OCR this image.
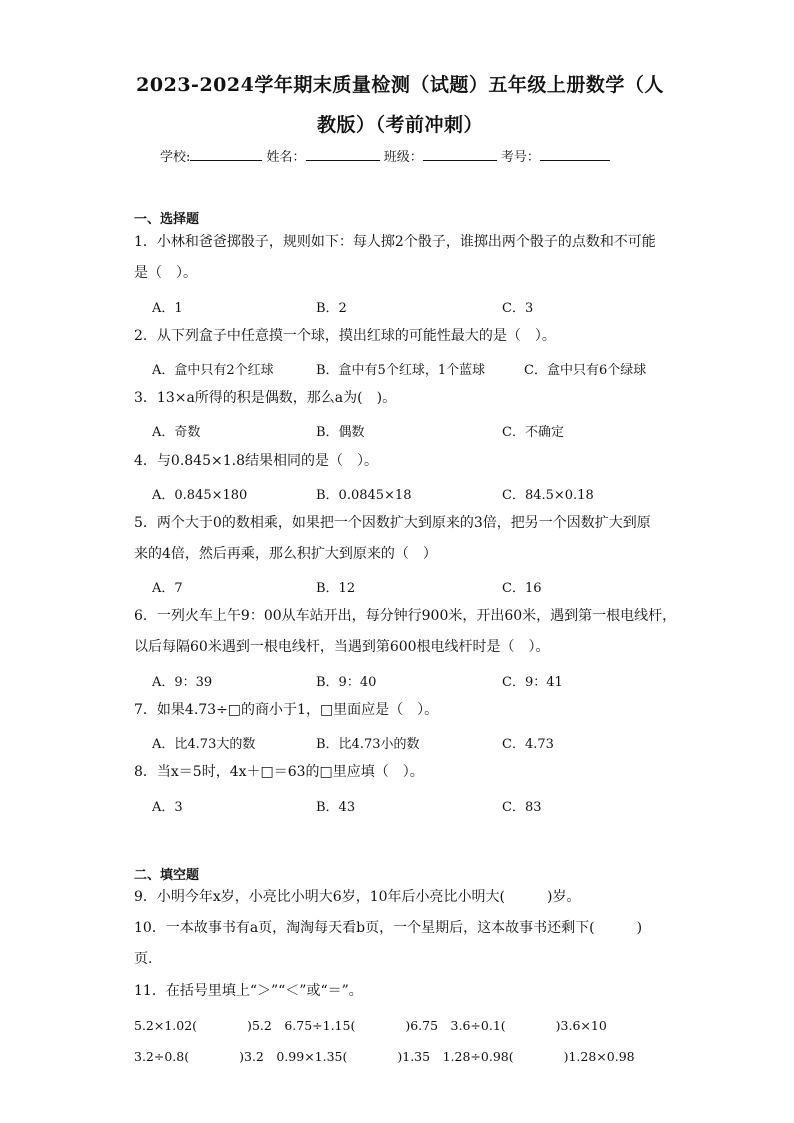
2023-2024学年期末质量检测（试题）五年级上册数学（人
教版）（考前冲刺）
学校:	姓名：	班级：	考号：
一、选择题
1．小林和爸爸掷骰子，规则如下：每人掷2个骰子，谁掷出两个骰子的点数和不可能
是（　）。
A．1	B．2	C．3
2．从下列盒子中任意摸一个球，摸出红球的可能性最大的是（　）。
A．盒中只有2个红球	B．盒中有5个红球，1个蓝球	C．盒中只有6个绿球
3．13×a所得的积是偶数，那么a为(　)。
A．奇数	B．偶数	C．不确定
4．与0.845×1.8结果相同的是（　）。
A．0.845×180	B．0.0845×18	C．84.5×0.18
5．两个大于0的数相乘，如果把一个因数扩大到原来的3倍，把另一个因数扩大到原
来的4倍，然后再乘，那么积扩大到原来的（　）
A．7	B．12	C．16
6．一列火车上午9：00从车站开出，每分钟行900米，开出60米，遇到第一根电线杆，
以后每隔60米遇到一根电线杆，当遇到第600根电线杆时是（　）。
A．9：39	B．9：40	C．9：41
7．如果4.73÷□的商小于1，□里面应是（　）。
A．比4.73大的数	B．比4.73小的数	C．4.73
8．当x＝5时，4x＋□＝63的□里应填（　）。
A．3	B．43	C．83
二、填空题
9．小明今年x岁，小亮比小明大6岁，10年后小亮比小明大(　　　)岁。
10．一本故事书有a页，淘淘每天看b页，一个星期后，这本故事书还剩下(　　　)
页.
11．在括号里填上“＞”“＜”或“＝”。
5.2×1.02(　　　　)5.2　6.75÷1.15(　　　　)6.75　3.6÷0.1(　　　　)3.6×10
3.2÷0.8(　　　　)3.2　0.99×1.35(　　　　)1.35　1.28÷0.98(　　　　)1.28×0.98
